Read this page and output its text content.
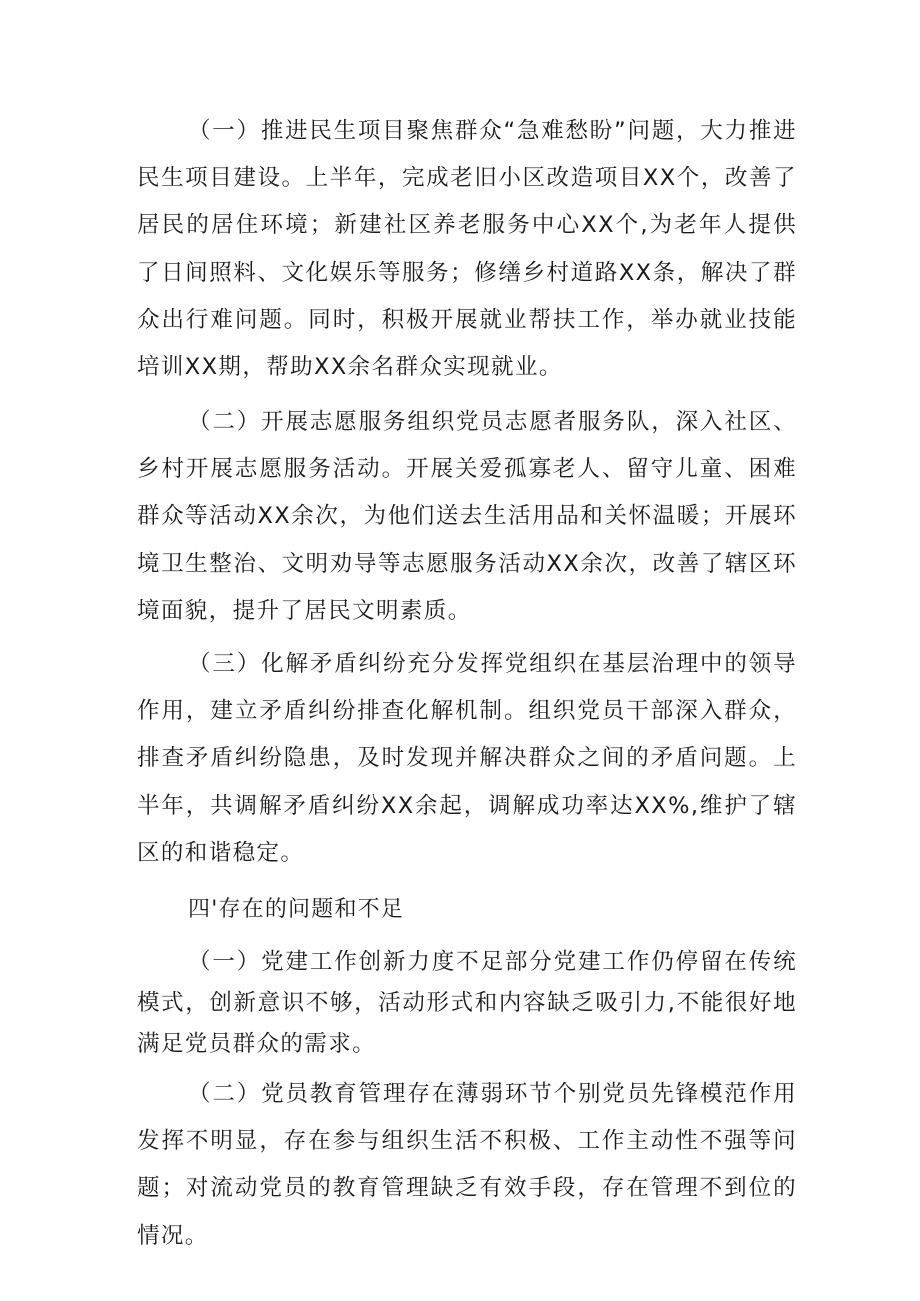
（一）推进民生项目聚焦群众“急难愁盼”问题，大力推进民生项目建设。上半年，完成老旧小区改造项目XX个，改善了居民的居住环境；新建社区养老服务中心XX个,为老年人提供了日间照料、文化娱乐等服务；修缮乡村道路XX条，解决了群众出行难问题。同时，积极开展就业帮扶工作，举办就业技能培训XX期，帮助XX余名群众实现就业。

（二）开展志愿服务组织党员志愿者服务队，深入社区、乡村开展志愿服务活动。开展关爱孤寡老人、留守儿童、困难群众等活动XX余次，为他们送去生活用品和关怀温暖；开展环境卫生整治、文明劝导等志愿服务活动XX余次，改善了辖区环境面貌，提升了居民文明素质。

（三）化解矛盾纠纷充分发挥党组织在基层治理中的领导作用，建立矛盾纠纷排查化解机制。组织党员干部深入群众，排查矛盾纠纷隐患，及时发现并解决群众之间的矛盾问题。上半年，共调解矛盾纠纷XX余起，调解成功率达XX%,维护了辖区的和谐稳定。

四'存在的问题和不足

（一）党建工作创新力度不足部分党建工作仍停留在传统模式，创新意识不够，活动形式和内容缺乏吸引力,不能很好地满足党员群众的需求。

（二）党员教育管理存在薄弱环节个别党员先锋模范作用发挥不明显，存在参与组织生活不积极、工作主动性不强等问题；对流动党员的教育管理缺乏有效手段，存在管理不到位的情况。
